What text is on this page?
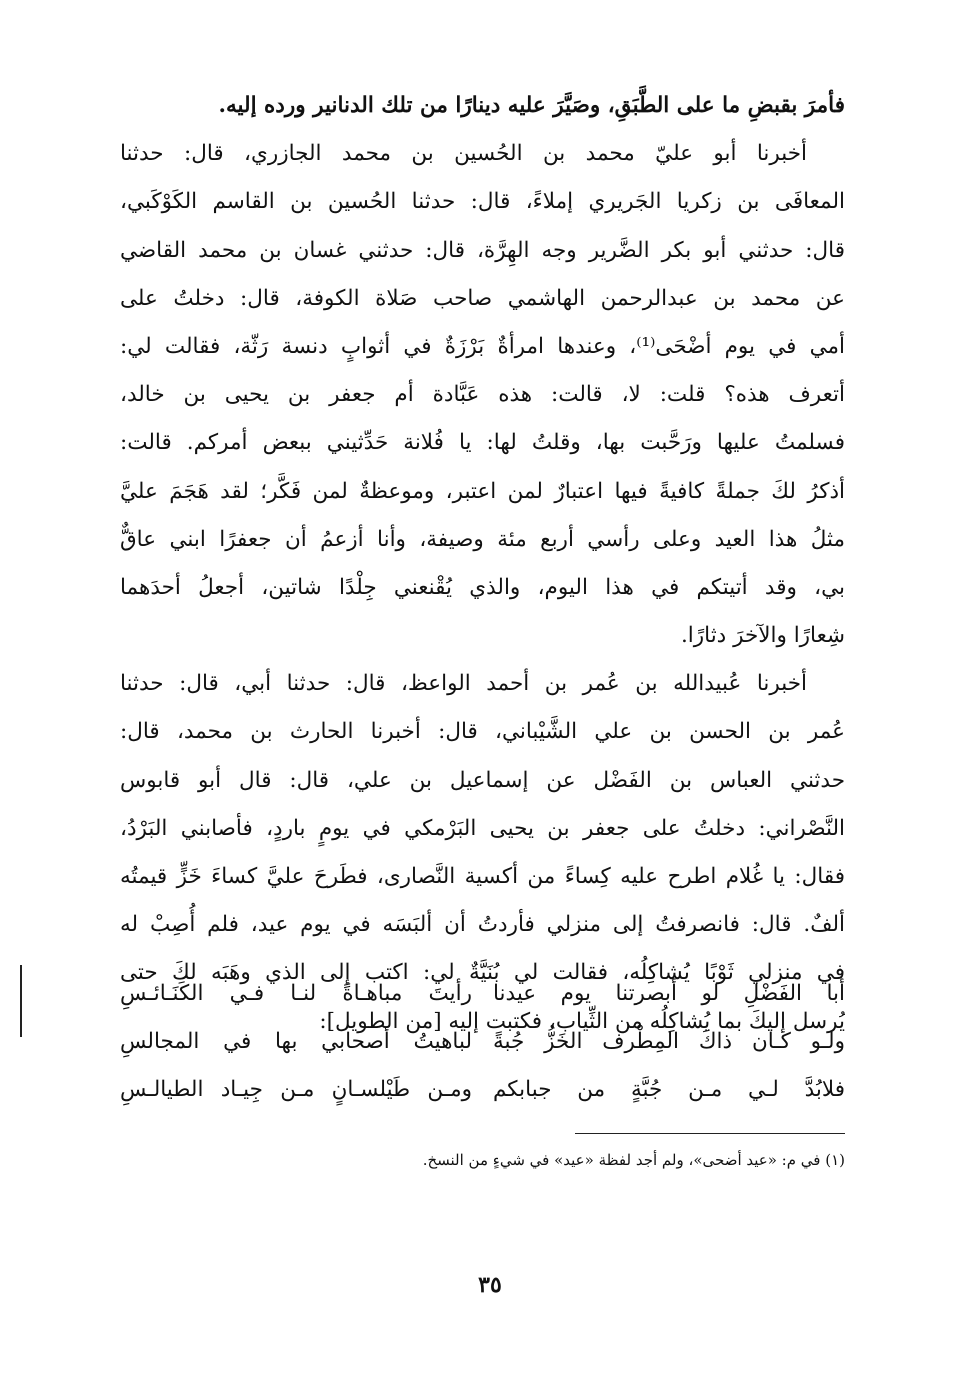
فأمرَ بقبضِ ما على الطَّبَقِ، وصَيَّرَ عليه دينارًا من تلك الدنانير ورده إليه.
أخبرنا أبو عليّ محمد بن الحُسين بن محمد الجازري، قال: حدثنا
المعافَى بن زكريا الجَريري إملاءً، قال: حدثنا الحُسين بن القاسم الكَوْكَبي،
قال: حدثني أبو بكر الضَّرير وجه الهِرَّة، قال: حدثني غسان بن محمد القاضي
عن محمد بن عبدالرحمن الهاشمي صاحب صَلاة الكوفة، قال: دخلتُ على
أمي في يوم أضْحَى⁽¹⁾، وعندها امرأةٌ بَرْزَةٌ في أثوابٍ دنسة رَثّة، فقالت لي:
أتعرف هذه؟ قلت: لا، قالت: هذه عَبَّادة أم جعفر بن يحيى بن خالد،
فسلمتُ عليها ورَحَّبت بها، وقلتُ لها: يا فُلانة حَدِّثيني ببعض أمركم. قالت:
أذكرُ لكَ جملةً كافيةً فيها اعتبارٌ لمن اعتبر، وموعظةٌ لمن فَكَّر؛ لقد هَجَمَ عليَّ
مثلُ هذا العيد وعلى رأسي أربع مئة وصيفة، وأنا أزعمُ أن جعفرًا ابني عاقٌّ
بي، وقد أتيتكم في هذا اليوم، والذي يُقْنعني جِلْدًا شاتين، أجعلُ أحدَهما
شِعارًا والآخرَ دثارًا.
أخبرنا عُبيدالله بن عُمر بن أحمد الواعظ، قال: حدثنا أبي، قال: حدثنا
عُمر بن الحسن بن علي الشَّيْباني، قال: أخبرنا الحارث بن محمد، قال:
حدثني العباس بن الفَضْل عن إسماعيل بن علي، قال: قال أبو قابوس
النَّصْراني: دخلتُ على جعفر بن يحيى البَرْمكي في يومٍ باردٍ، فأصابني البَرْدُ،
فقال: يا غُلام اطرح عليه كِساءً من أكسية النَّصارى، فطَرحَ عليَّ كساءَ خَزٍّ قيمتُه
ألفٌ. قال: فانصرفتُ إلى منزلي فأردتُ أن ألبَسَه في يوم عيد، فلم أُصِبْ له
في منزلي ثَوْبًا يُشاكِلُه، فقالت لي بُنَيَّةٌ لي: اكتب إلى الذي وهَبَه لكَ حتى
يُرسل إليكَ بما يُشاكِلُه من الثِّياب، فكتبت إليه [من الطويل]:
أبا الفَضْلِ لو أبصرتنا يوم عيدنا
رأيتَ مباهـاةً لنـا فـي الكَنَـائـسِ
ولـو كـان ذاكَ المِطْرف الخَزُّ جُبةً
لباهيتُ أصحابي بها في المجالسِ
فلابُدَّ لـي مـن جُبَّةٍ من جبابكم
ومـن طَيْلسـانٍ مـن جِيـاد الطيالـسِ
(١) في م: «عيد أضحى»، ولم أجد لفظة «عيد» في شيءٍ من النسخ.
٣٥
